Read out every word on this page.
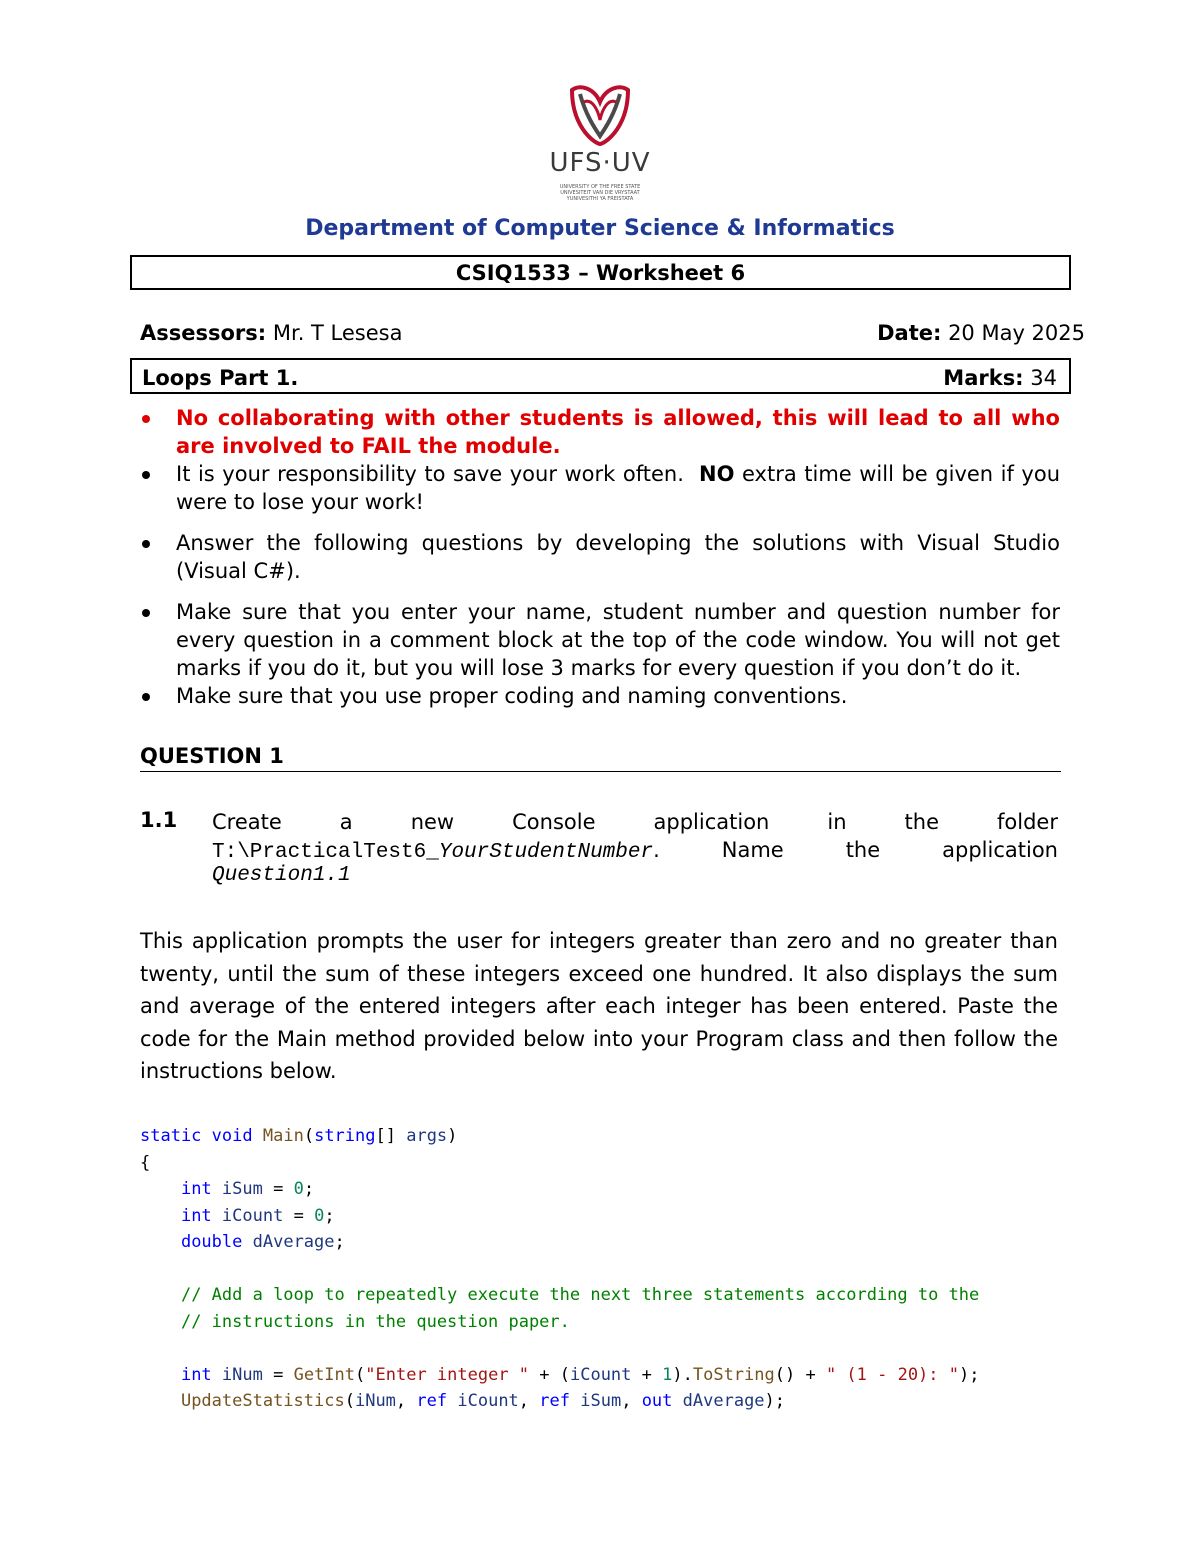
UFS·UV
UNIVERSITY OF THE FREE STATE
UNIVESITEIT VAN DIE VRYSTAAT
YUNIVESITHI YA FREISTATA
Department of Computer Science & Informatics
CSIQ1533 – Worksheet 6
Assessors: Mr. T Lesesa	Date: 20 May 2025
Loops Part 1.	Marks: 34
No collaborating with other students is allowed, this will lead to all who are involved to FAIL the module.
It is your responsibility to save your work often. NO extra time will be given if you were to lose your work!
Answer the following questions by developing the solutions with Visual Studio (Visual C#).
Make sure that you enter your name, student number and question number for every question in a comment block at the top of the code window. You will not get marks if you do it, but you will lose 3 marks for every question if you don’t do it.
Make sure that you use proper coding and naming conventions.
QUESTION 1
1.1 Create a new Console application in the folder T:\PracticalTest6_YourStudentNumber. Name the application
Question1.1
This application prompts the user for integers greater than zero and no greater than twenty, until the sum of these integers exceed one hundred. It also displays the sum and average of the entered integers after each integer has been entered. Paste the code for the Main method provided below into your Program class and then follow the instructions below.
static void Main(string[] args)
{
int iSum = 0;
int iCount = 0;
double dAverage;

// Add a loop to repeatedly execute the next three statements according to the
// instructions in the question paper.

int iNum = GetInt("Enter integer " + (iCount + 1).ToString() + " (1 - 20): ");
UpdateStatistics(iNum, ref iCount, ref iSum, out dAverage);
